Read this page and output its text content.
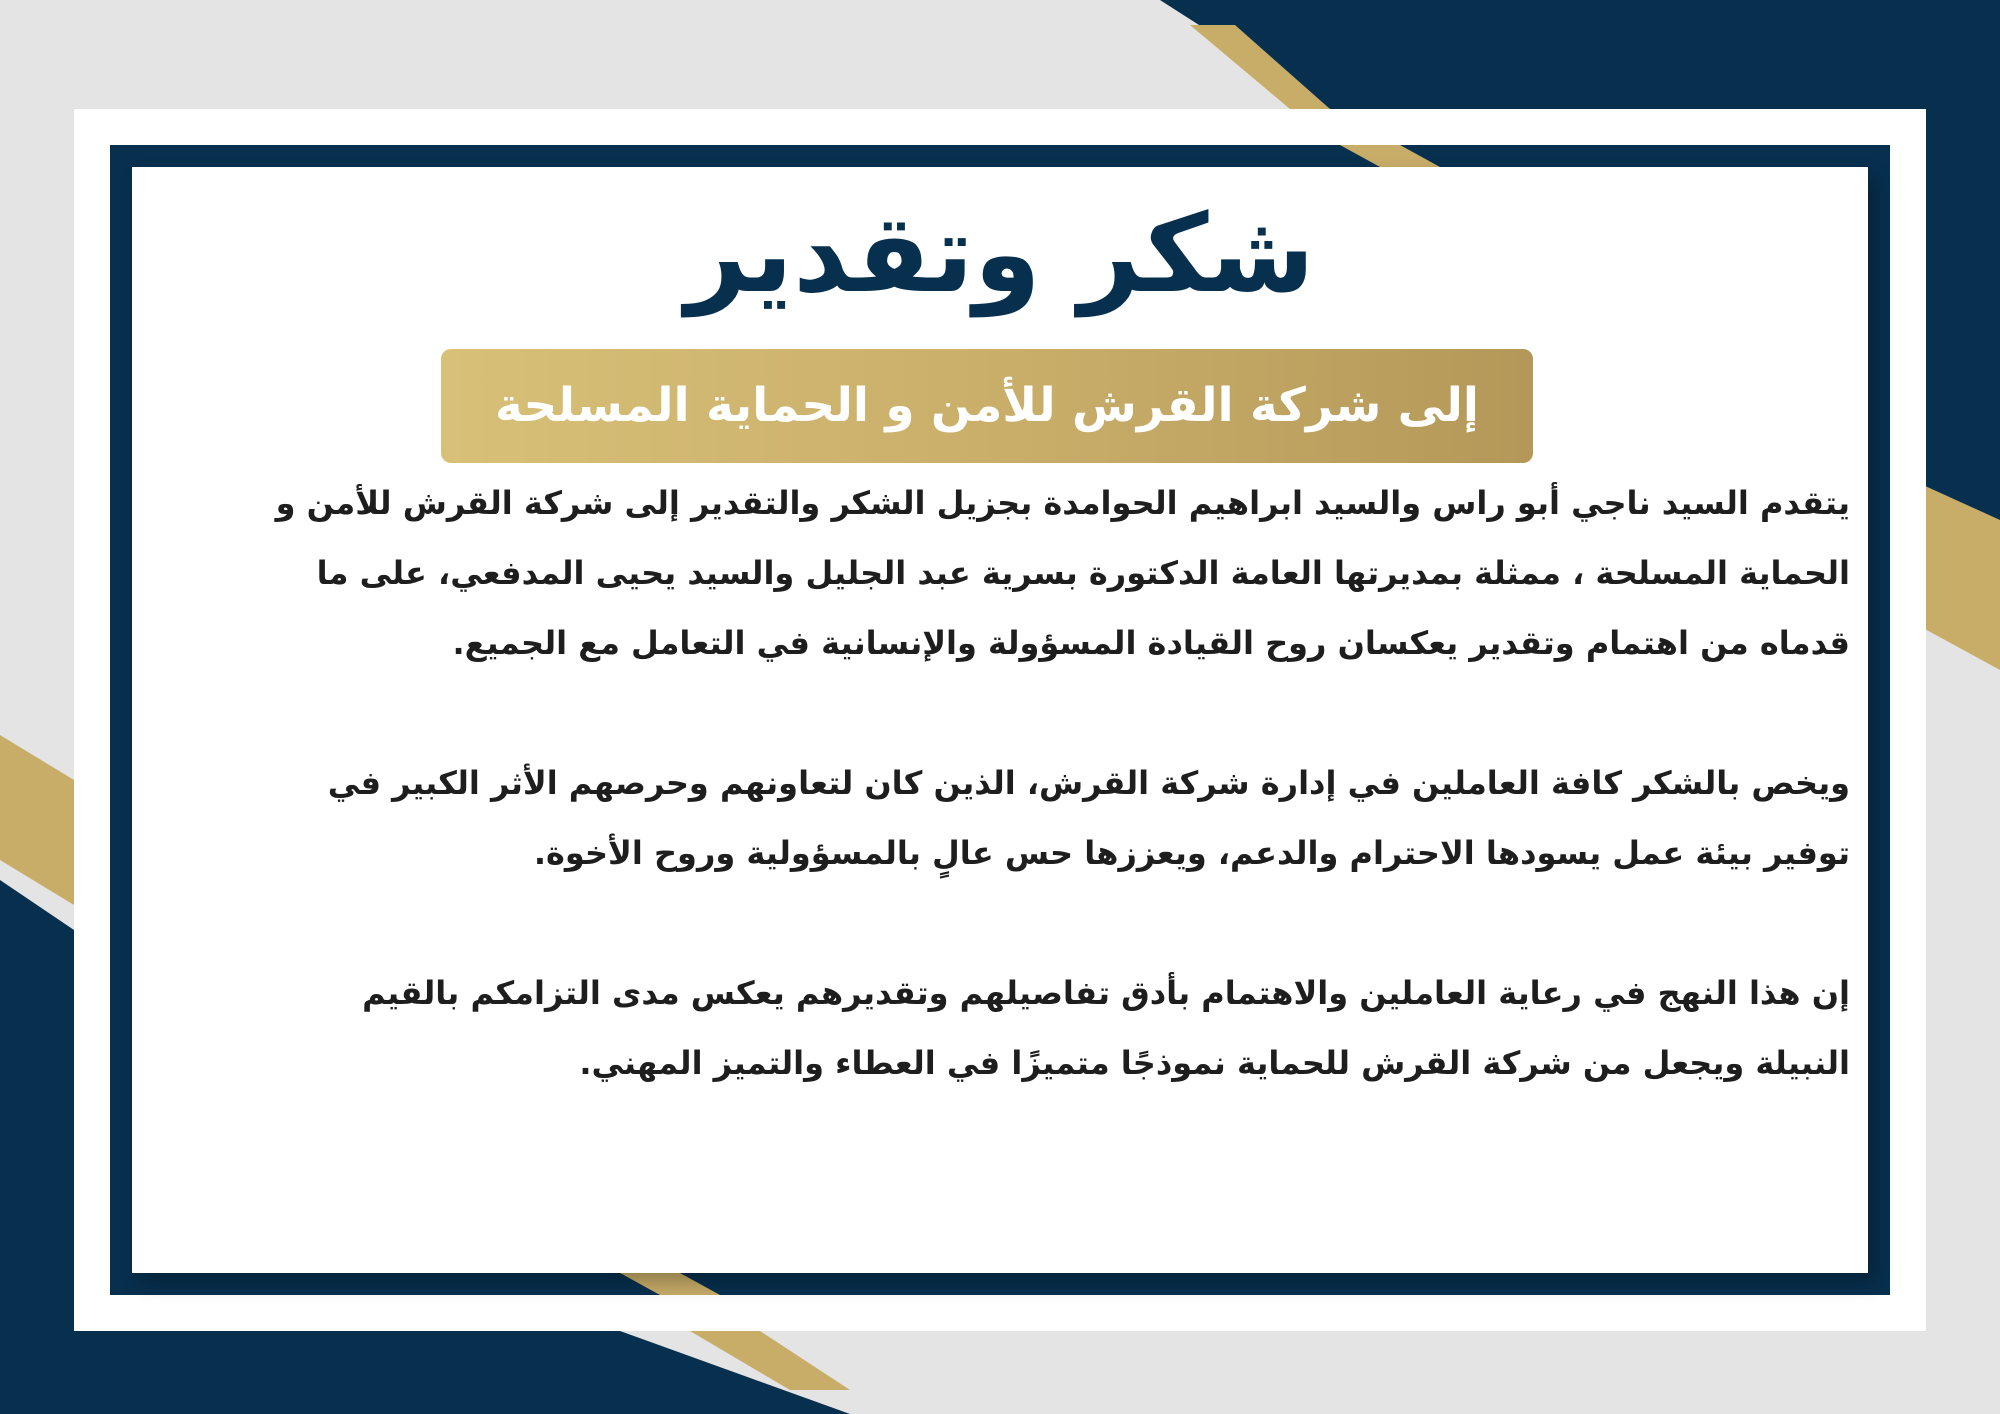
شكر وتقدير
إلى شركة القرش للأمن و الحماية المسلحة

يتقدم السيد ناجي أبو راس والسيد ابراهيم الحوامدة بجزيل الشكر والتقدير إلى شركة القرش للأمن و
الحماية المسلحة ، ممثلة بمديرتها العامة الدكتورة بسرية عبد الجليل والسيد يحيى المدفعي، على ما
قدماه من اهتمام وتقدير يعكسان روح القيادة المسؤولة والإنسانية في التعامل مع الجميع.

ويخص بالشكر كافة العاملين في إدارة شركة القرش، الذين كان لتعاونهم وحرصهم الأثر الكبير في
توفير بيئة عمل يسودها الاحترام والدعم، ويعززها حس عالٍ بالمسؤولية وروح الأخوة.

إن هذا النهج في رعاية العاملين والاهتمام بأدق تفاصيلهم وتقديرهم يعكس مدى التزامكم بالقيم
النبيلة ويجعل من شركة القرش للحماية نموذجًا متميزًا في العطاء والتميز المهني.
